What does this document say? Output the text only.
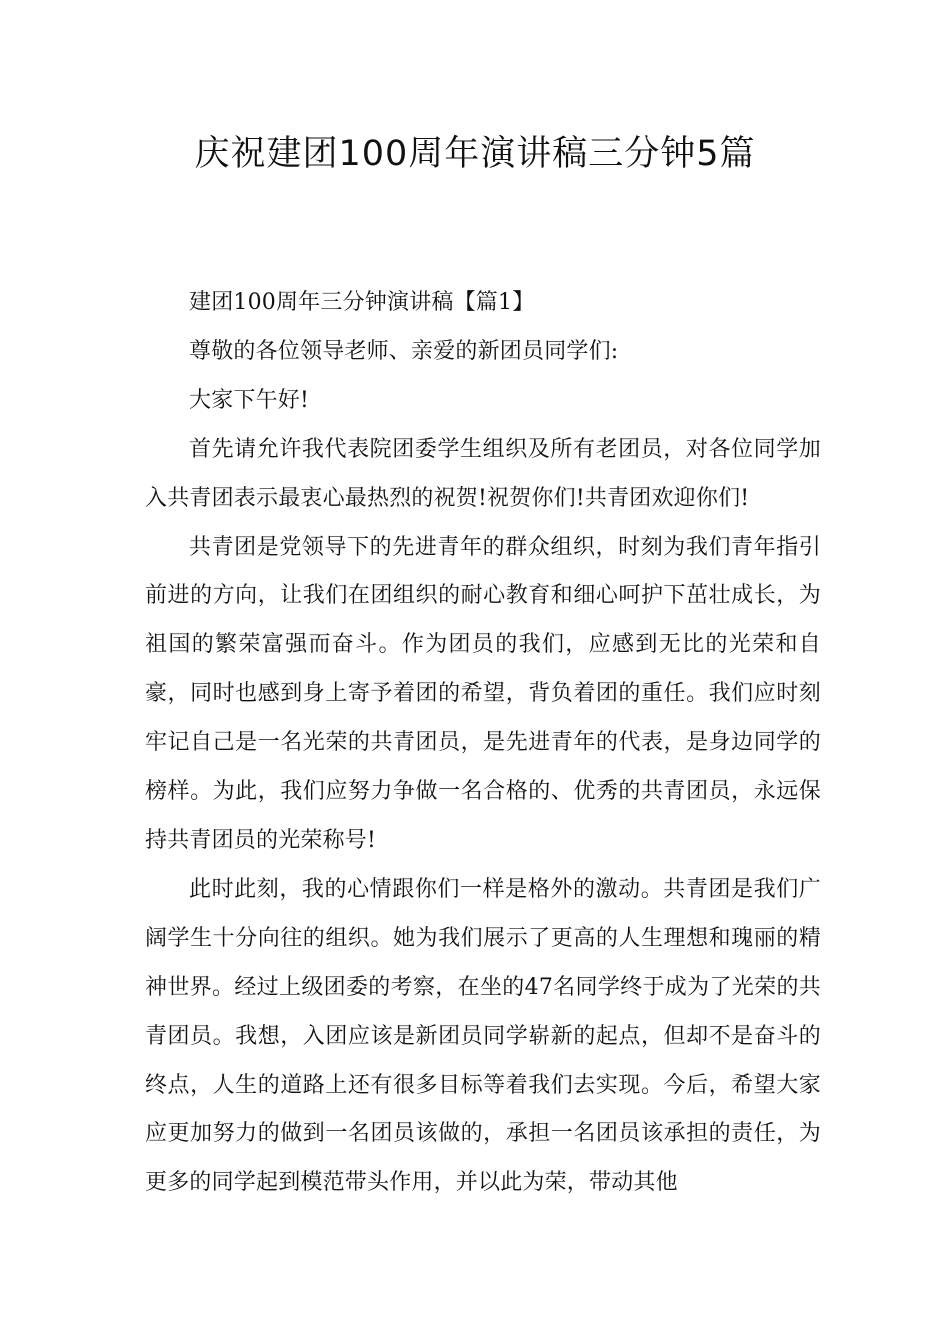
庆祝建团100周年演讲稿三分钟5篇

建团100周年三分钟演讲稿【篇1】

尊敬的各位领导老师、亲爱的新团员同学们:

大家下午好!

首先请允许我代表院团委学生组织及所有老团员，对各位同学加入共青团表示最衷心最热烈的祝贺!祝贺你们!共青团欢迎你们!

共青团是党领导下的先进青年的群众组织，时刻为我们青年指引前进的方向，让我们在团组织的耐心教育和细心呵护下茁壮成长，为祖国的繁荣富强而奋斗。作为团员的我们，应感到无比的光荣和自豪，同时也感到身上寄予着团的希望，背负着团的重任。我们应时刻牢记自己是一名光荣的共青团员，是先进青年的代表，是身边同学的榜样。为此，我们应努力争做一名合格的、优秀的共青团员，永远保持共青团员的光荣称号!

此时此刻，我的心情跟你们一样是格外的激动。共青团是我们广阔学生十分向往的组织。她为我们展示了更高的人生理想和瑰丽的精神世界。经过上级团委的考察，在坐的47名同学终于成为了光荣的共青团员。我想，入团应该是新团员同学崭新的起点，但却不是奋斗的终点，人生的道路上还有很多目标等着我们去实现。今后，希望大家应更加努力的做到一名团员该做的，承担一名团员该承担的责任，为更多的同学起到模范带头作用，并以此为荣，带动其他
